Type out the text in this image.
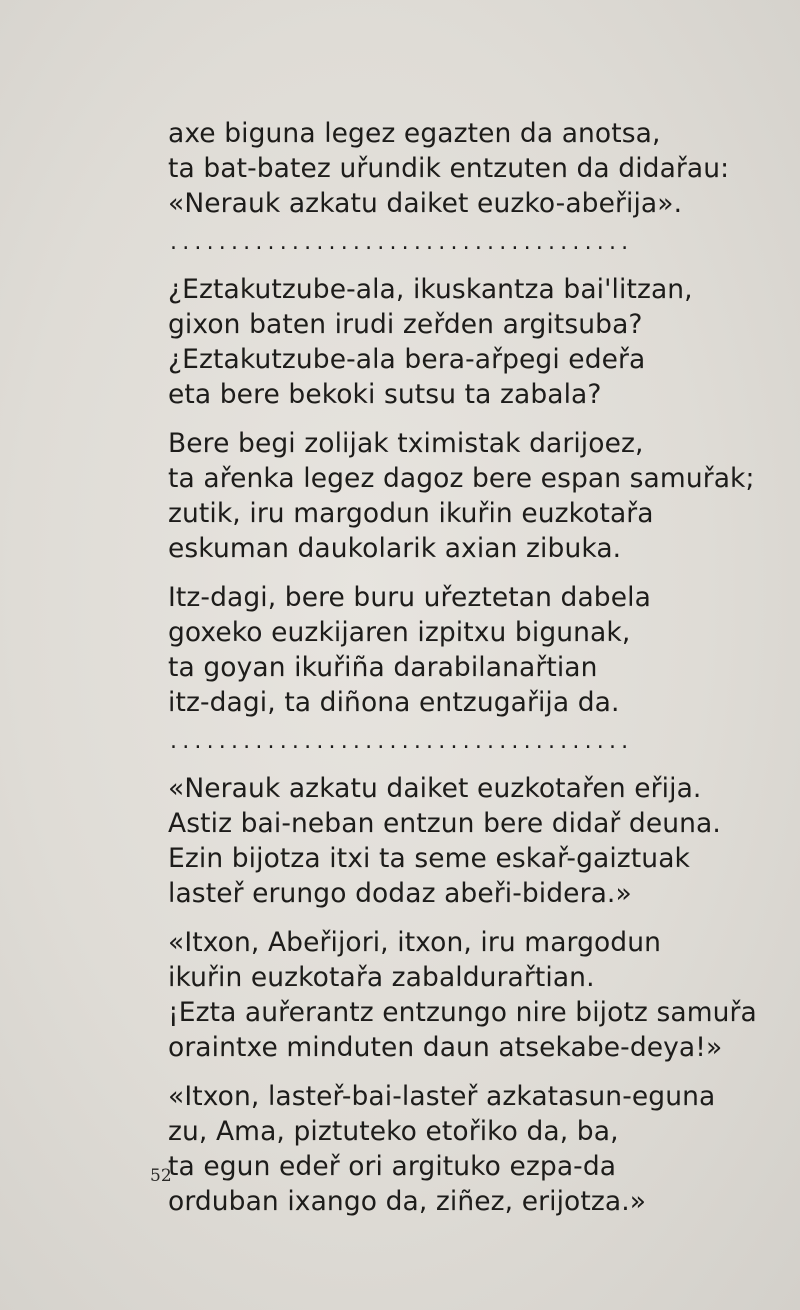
axe biguna legez egazten da anotsa,
ta bat-batez uřundik entzuten da didařau:
«Nerauk azkatu daiket euzko-abeřija».
......................................
¿Eztakutzube-ala, ikuskantza bai'litzan,
gixon baten irudi zeřden argitsuba?
¿Eztakutzube-ala bera-ařpegi edeřa
eta bere bekoki sutsu ta zabala?
Bere begi zolijak tximistak darijoez,
ta ařenka legez dagoz bere espan samuřak;
zutik, iru margodun ikuřin euzkotařa
eskuman daukolarik axian zibuka.
Itz-dagi, bere buru uřeztetan dabela
goxeko euzkijaren izpitxu bigunak,
ta goyan ikuřiña darabilanařtian
itz-dagi, ta diñona entzugařija da.
......................................
«Nerauk azkatu daiket euzkotařen eřija.
Astiz bai-neban entzun bere didař deuna.
Ezin bijotza itxi ta seme eskař-gaiztuak
lasteř erungo dodaz abeři-bidera.»
«Itxon, Abeřijori, itxon, iru margodun
ikuřin euzkotařa zabaldurařtian.
¡Ezta auřerantz entzungo nire bijotz samuřa
oraintxe minduten daun atsekabe-deya!»
«Itxon, lasteř-bai-lasteř azkatasun-eguna
zu, Ama, piztuteko etořiko da, ba,
ta egun edeř ori argituko ezpa-da
orduban ixango da, ziñez, erijotza.»
52
